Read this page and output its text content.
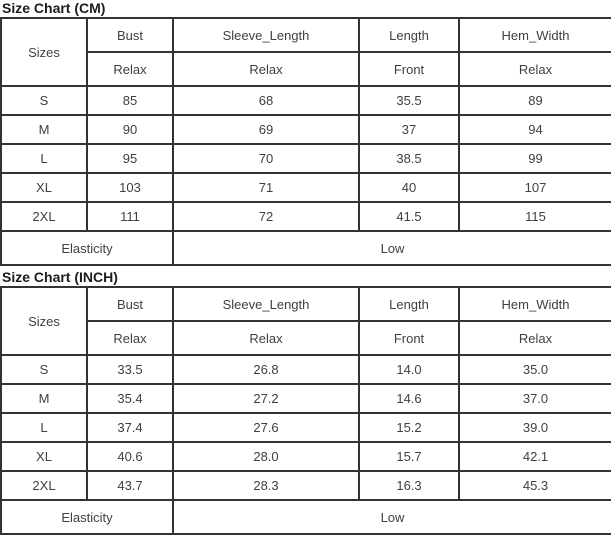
Size Chart (CM)
Sizes	Bust	Sleeve_Length	Length	Hem_Width
	Relax	Relax	Front	Relax
S	85	68	35.5	89
M	90	69	37	94
L	95	70	38.5	99
XL	103	71	40	107
2XL	111	72	41.5	115
Elasticity		Low		
Size Chart (INCH)
Sizes	Bust	Sleeve_Length	Length	Hem_Width
	Relax	Relax	Front	Relax
S	33.5	26.8	14.0	35.0
M	35.4	27.2	14.6	37.0
L	37.4	27.6	15.2	39.0
XL	40.6	28.0	15.7	42.1
2XL	43.7	28.3	16.3	45.3
Elasticity		Low		
